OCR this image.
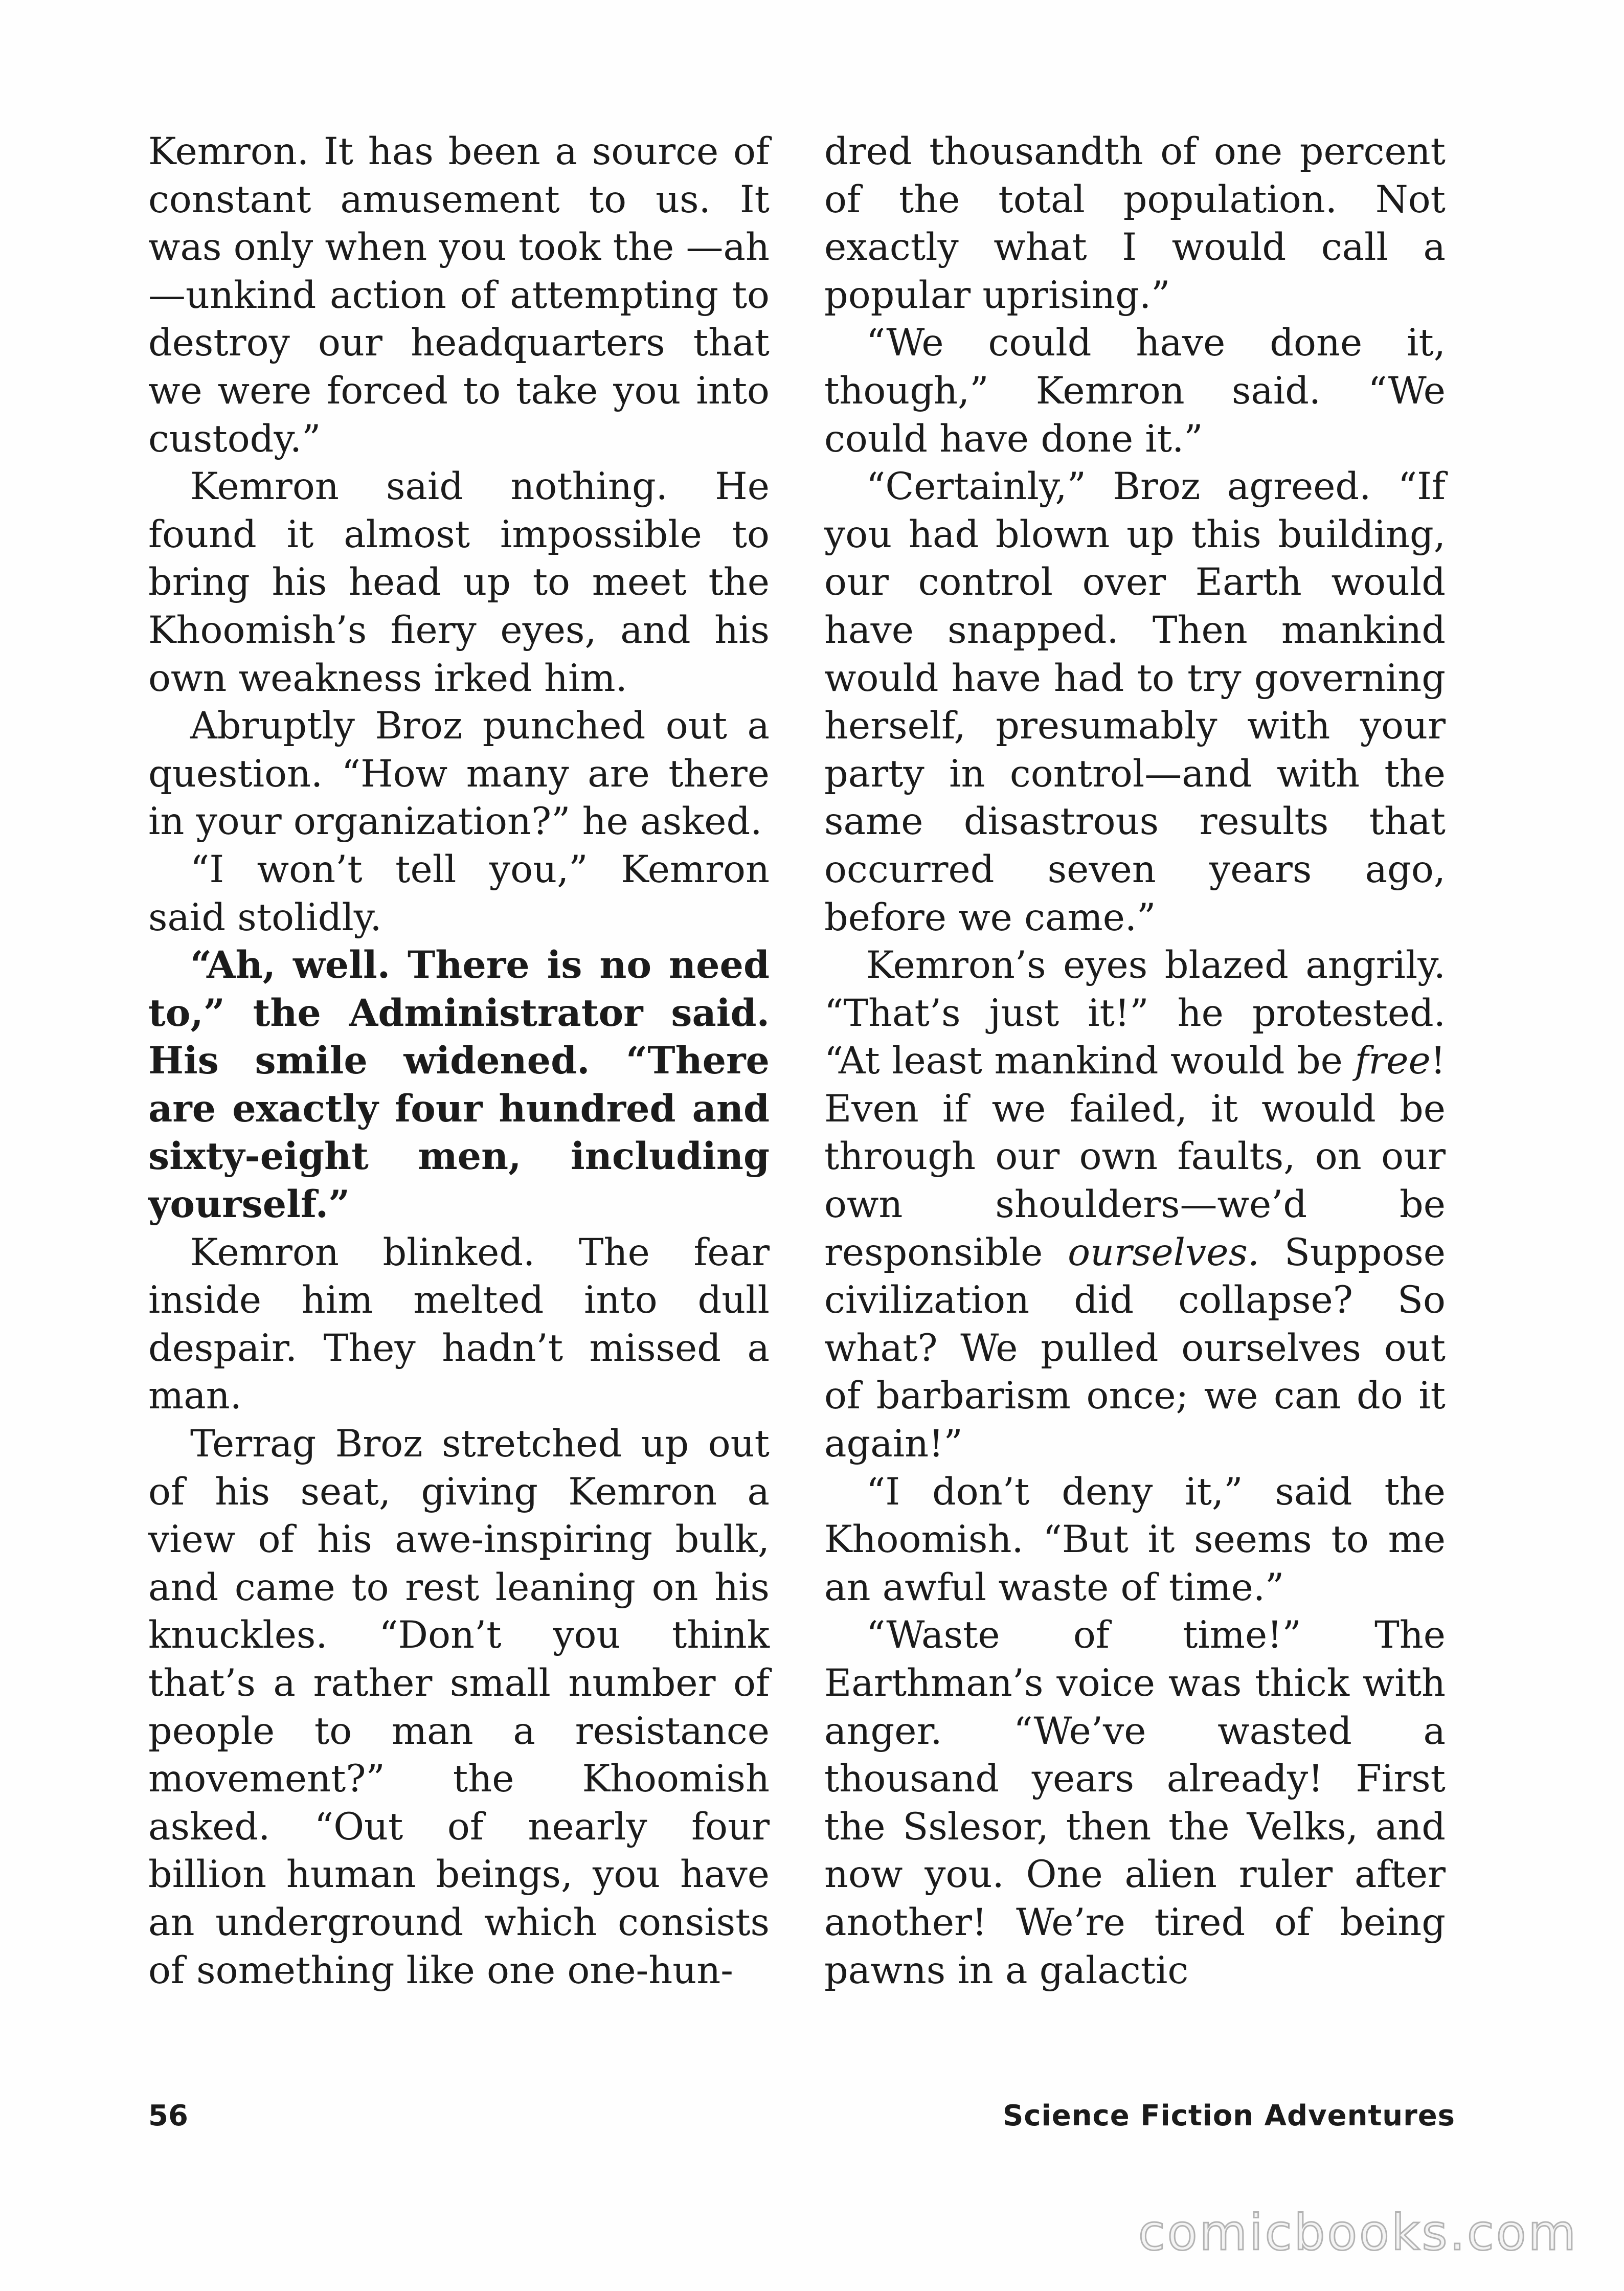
Kemron. It has been a source of constant amusement to us. It was only when you took the —ah—unkind action of attempting to destroy our headquarters that we were forced to take you into custody.”

Kemron said nothing. He found it almost impossible to bring his head up to meet the Khoomish’s fiery eyes, and his own weakness irked him.

Abruptly Broz punched out a question. “How many are there in your organization?” he asked.

“I won’t tell you,” Kemron said stolidly.

“Ah, well. There is no need to,” the Administrator said. His smile widened. “There are exactly four hundred and sixty-eight men, including yourself.”

Kemron blinked. The fear inside him melted into dull despair. They hadn’t missed a man.

Terrag Broz stretched up out of his seat, giving Kemron a view of his awe-inspiring bulk, and came to rest leaning on his knuckles. “Don’t you think that’s a rather small number of people to man a resistance movement?” the Khoomish asked. “Out of nearly four billion human beings, you have an underground which consists of something like one one-hun-

dred thousandth of one percent of the total population. Not exactly what I would call a popular uprising.”

“We could have done it, though,” Kemron said. “We could have done it.”

“Certainly,” Broz agreed. “If you had blown up this building, our control over Earth would have snapped. Then mankind would have had to try governing herself, presumably with your party in control—and with the same disastrous results that occurred seven years ago, before we came.”

Kemron’s eyes blazed angrily. “That’s just it!” he protested. “At least mankind would be free! Even if we failed, it would be through our own faults, on our own shoulders—we’d be responsible ourselves. Suppose civilization did collapse? So what? We pulled ourselves out of barbarism once; we can do it again!”

“I don’t deny it,” said the Khoomish. “But it seems to me an awful waste of time.”

“Waste of time!” The Earthman’s voice was thick with anger. “We’ve wasted a thousand years already! First the Sslesor, then the Velks, and now you. One alien ruler after another! We’re tired of being pawns in a galactic

56	Science Fiction Adventures
comicbooks.com
